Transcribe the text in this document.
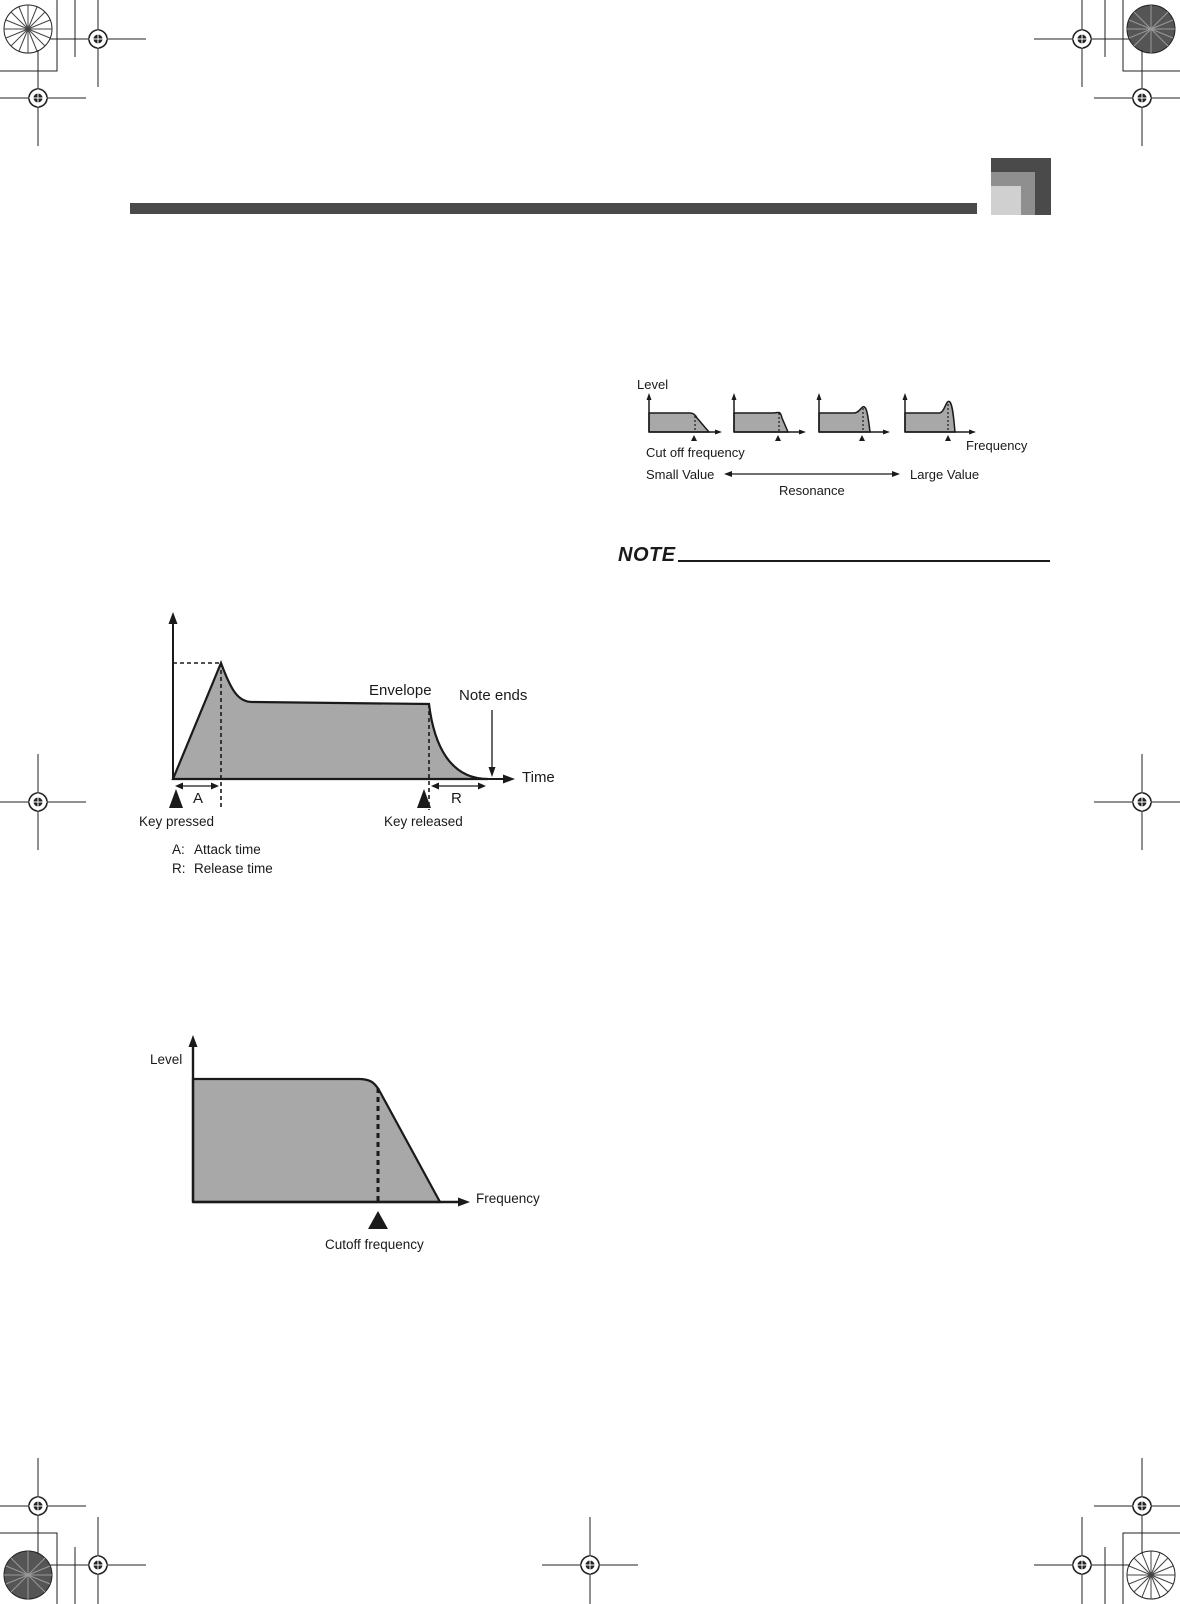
Envelope Note ends
Time
A	R
Key pressed	Key released
A: Attack time
R: Release time
Level
Frequency
Cutoff frequency
Level
Frequency
Cut off frequency
Small Value	Large Value
Resonance
NOTE
